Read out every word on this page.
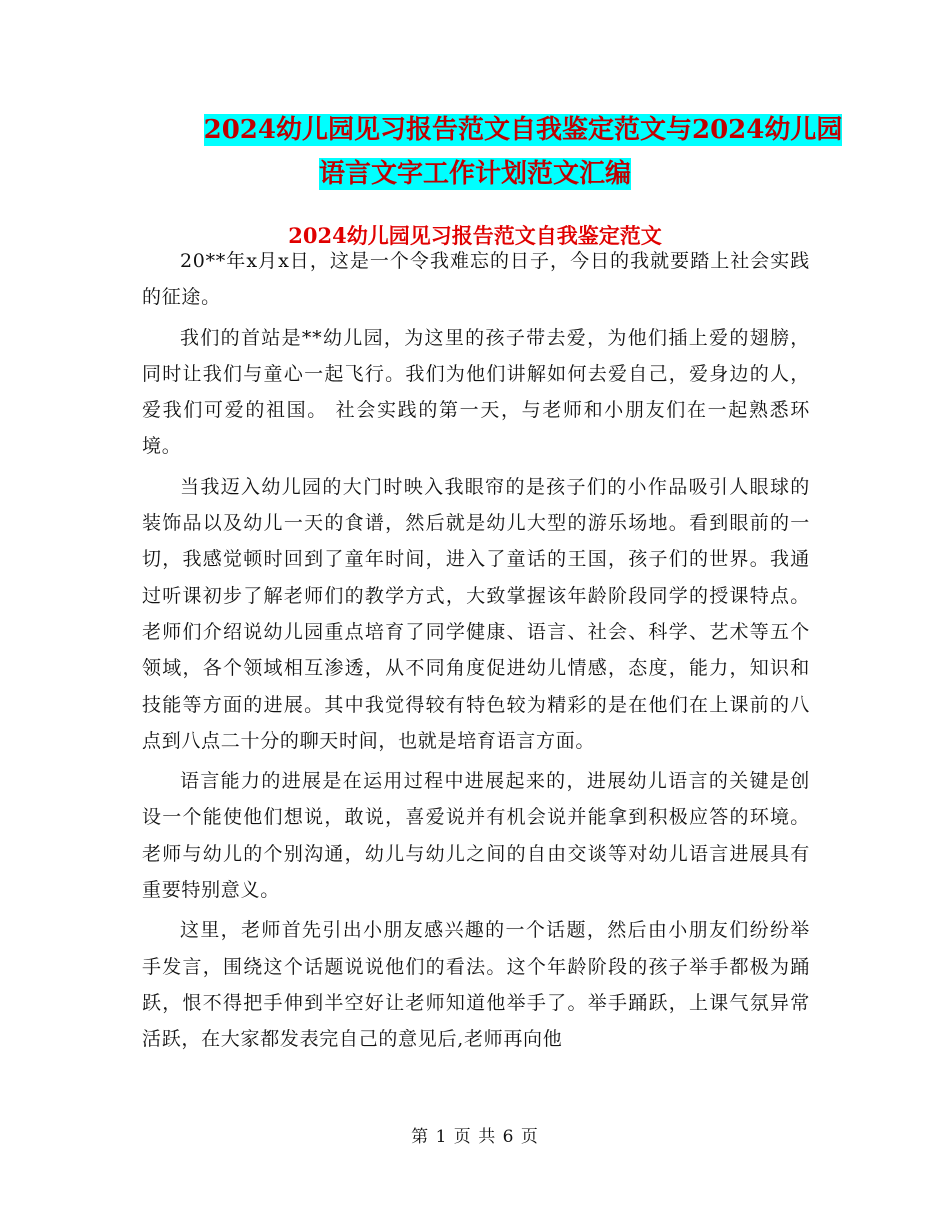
2024幼儿园见习报告范文自我鉴定范文与2024幼儿园
语言文字工作计划范文汇编
2024幼儿园见习报告范文自我鉴定范文

20**年x月x日，这是一个令我难忘的日子，今日的我就要踏上社会实践的征途。

我们的首站是**幼儿园，为这里的孩子带去爱，为他们插上爱的翅膀，同时让我们与童心一起飞行。我们为他们讲解如何去爱自己，爱身边的人，爱我们可爱的祖国。 社会实践的第一天，与老师和小朋友们在一起熟悉环境。

当我迈入幼儿园的大门时映入我眼帘的是孩子们的小作品吸引人眼球的装饰品以及幼儿一天的食谱，然后就是幼儿大型的游乐场地。看到眼前的一切，我感觉顿时回到了童年时间，进入了童话的王国，孩子们的世界。我通过听课初步了解老师们的教学方式，大致掌握该年龄阶段同学的授课特点。老师们介绍说幼儿园重点培育了同学健康、语言、社会、科学、艺术等五个领域，各个领域相互渗透，从不同角度促进幼儿情感，态度，能力，知识和技能等方面的进展。其中我觉得较有特色较为精彩的是在他们在上课前的八点到八点二十分的聊天时间，也就是培育语言方面。

语言能力的进展是在运用过程中进展起来的，进展幼儿语言的关键是创设一个能使他们想说，敢说，喜爱说并有机会说并能拿到积极应答的环境。老师与幼儿的个别沟通，幼儿与幼儿之间的自由交谈等对幼儿语言进展具有重要特别意义。

这里，老师首先引出小朋友感兴趣的一个话题，然后由小朋友们纷纷举手发言，围绕这个话题说说他们的看法。这个年龄阶段的孩子举手都极为踊跃，恨不得把手伸到半空好让老师知道他举手了。举手踊跃，上课气氛异常活跃，在大家都发表完自己的意见后,老师再向他

第 1 页 共 6 页
